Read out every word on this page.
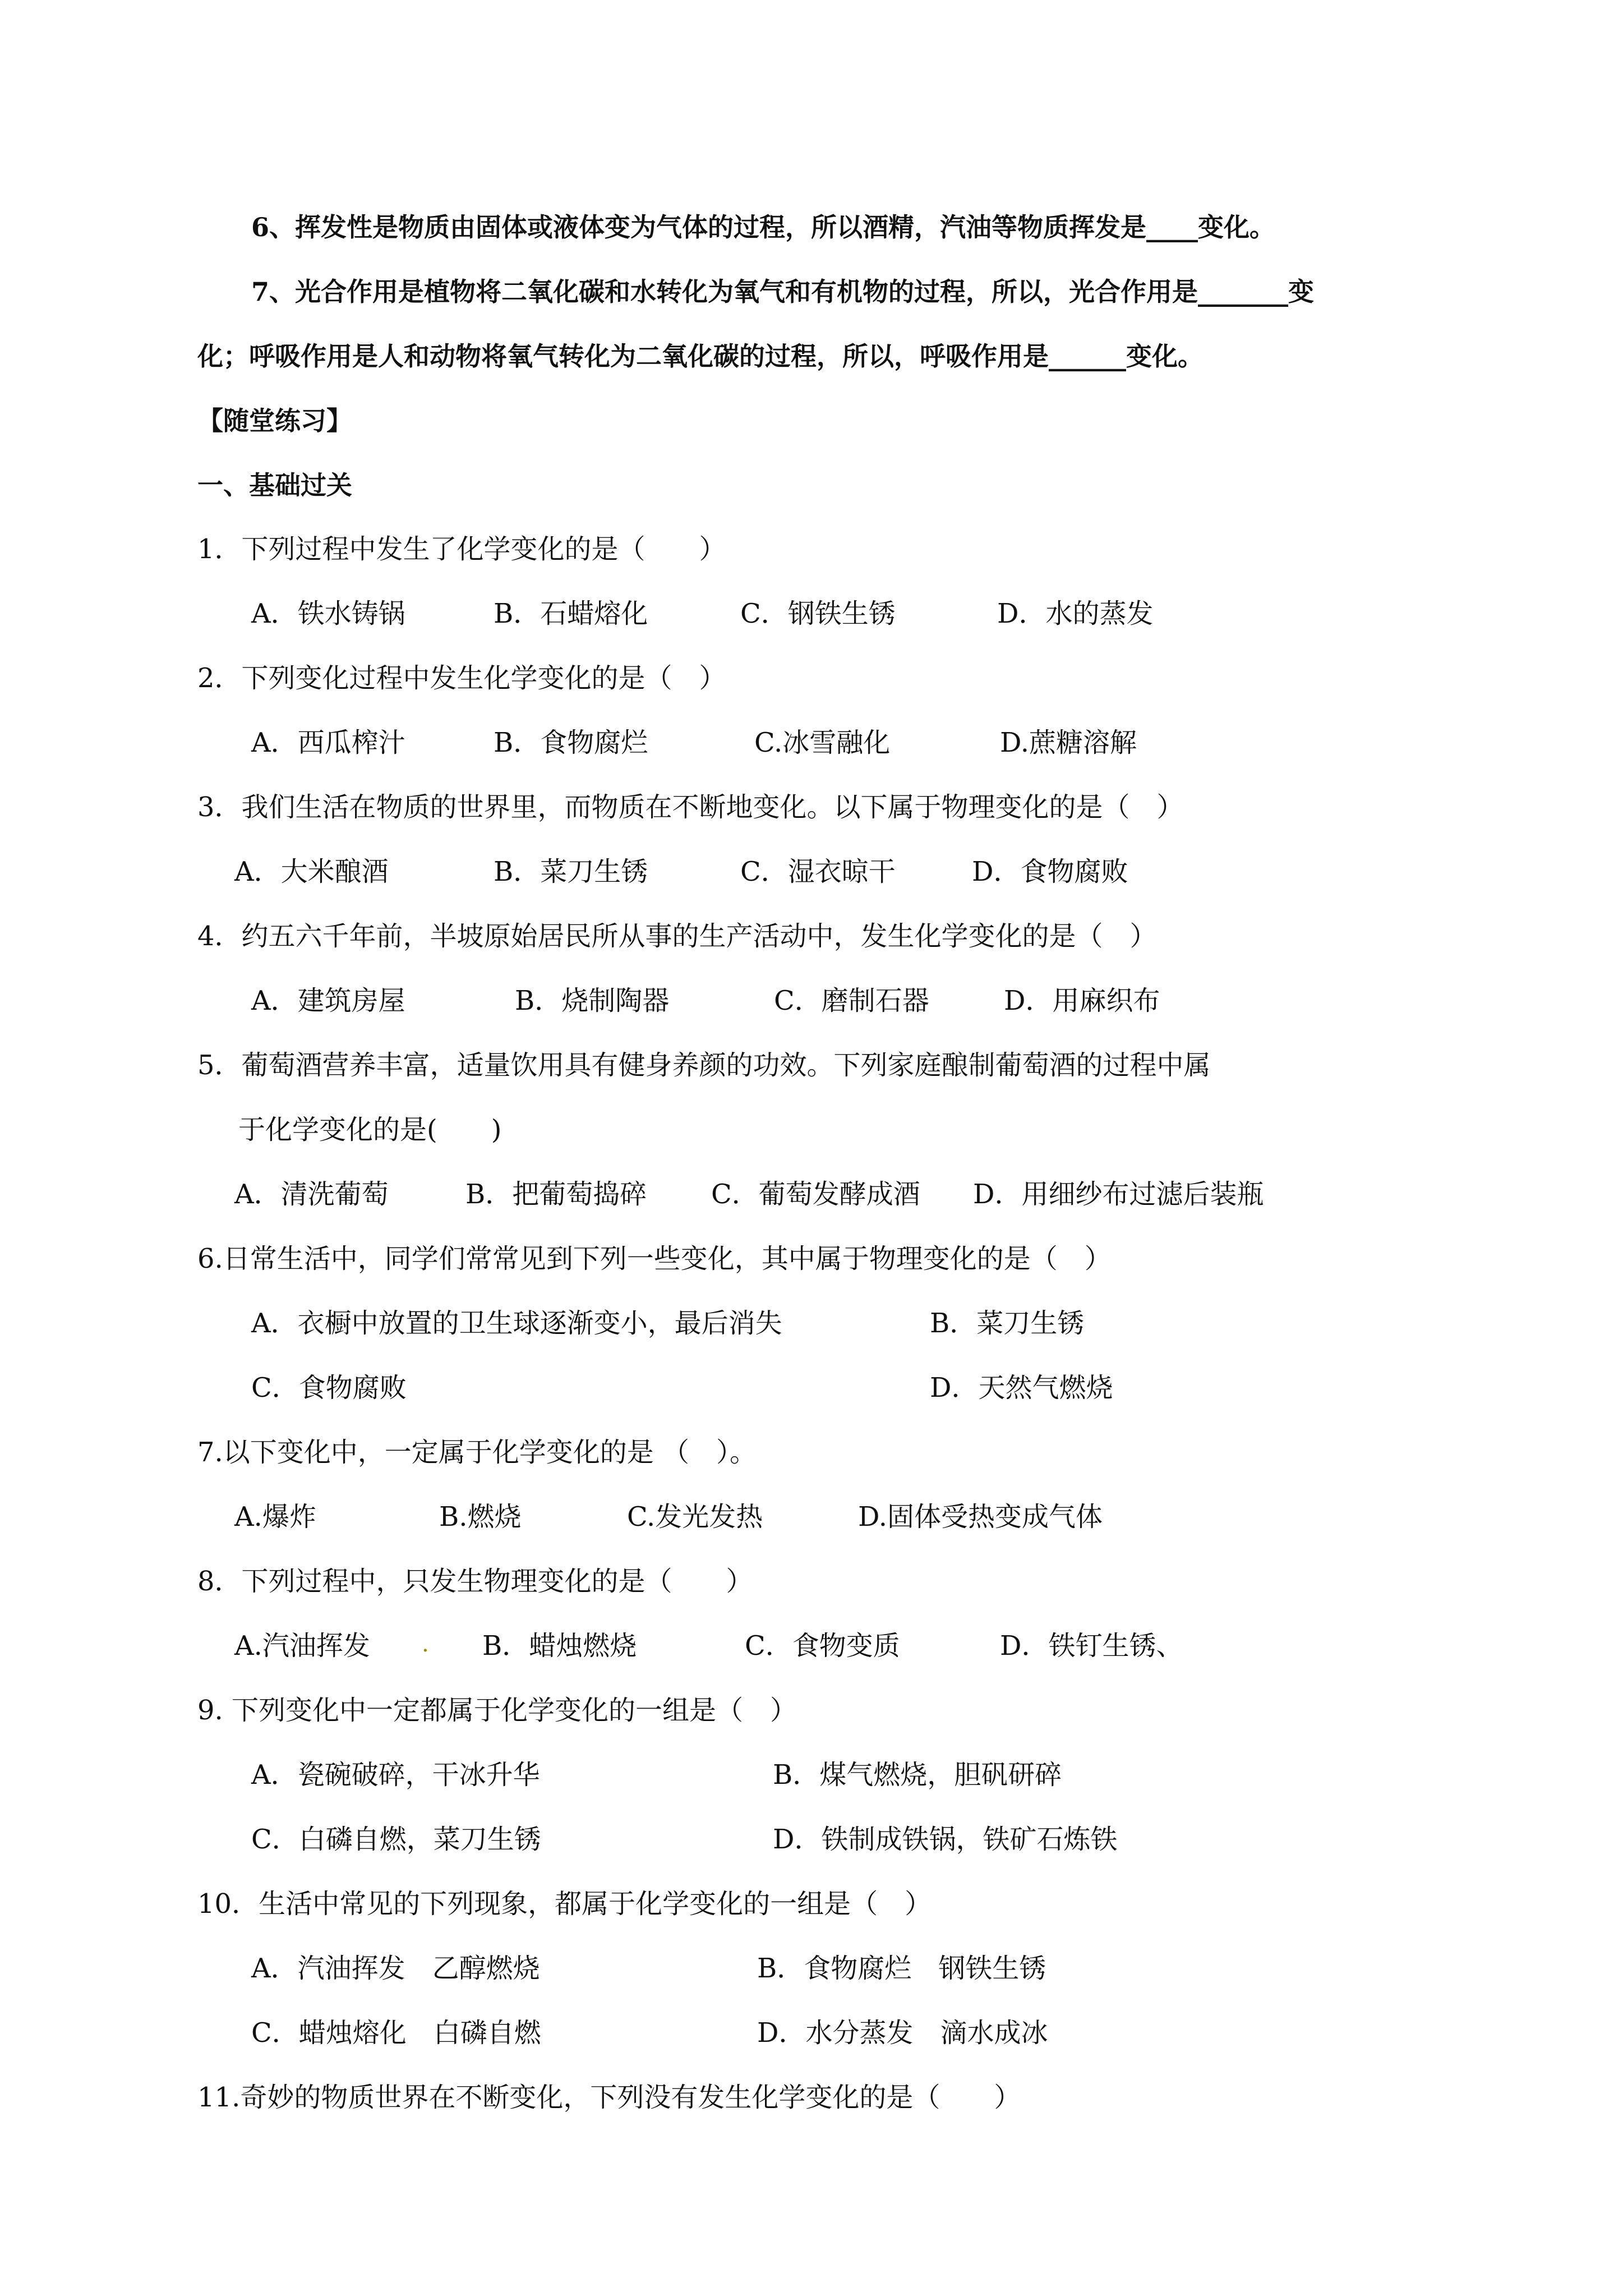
6、挥发性是物质由固体或液体变为气体的过程，所以酒精，汽油等物质挥发是____变化。

7、光合作用是植物将二氧化碳和水转化为氧气和有机物的过程，所以，光合作用是_______变

化；呼吸作用是人和动物将氧气转化为二氧化碳的过程，所以，呼吸作用是______变化。

【随堂练习】

一、基础过关

1．下列过程中发生了化学变化的是（　　）

A．铁水铸锅	B．石蜡熔化	C．钢铁生锈	D．水的蒸发

2．下列变化过程中发生化学变化的是（　）

A．西瓜榨汁	B．食物腐烂	C.冰雪融化	D.蔗糖溶解

3．我们生活在物质的世界里，而物质在不断地变化。以下属于物理变化的是（　）

A．大米酿酒	B．菜刀生锈	C．湿衣晾干	D．食物腐败

4．约五六千年前，半坡原始居民所从事的生产活动中，发生化学变化的是（　）

A．建筑房屋	B．烧制陶器	C．磨制石器	D．用麻织布

5．葡萄酒营养丰富，适量饮用具有健身养颜的功效。下列家庭酿制葡萄酒的过程中属

于化学变化的是(　　)

A．清洗葡萄	B．把葡萄捣碎 C．葡萄发酵成酒 D．用细纱布过滤后装瓶

6.日常生活中，同学们常常见到下列一些变化，其中属于物理变化的是（　）

A．衣橱中放置的卫生球逐渐变小，最后消失	B．菜刀生锈
C．食物腐败	D．天然气燃烧

7.以下变化中，一定属于化学变化的是 （　）。

A.爆炸	B.燃烧	C.发光发热	D.固体受热变成气体

8．下列过程中，只发生物理变化的是（　　）

A.汽油挥发 . B．蜡烛燃烧	C．食物变质	D．铁钉生锈、

9. 下列变化中一定都属于化学变化的一组是（　）

A．瓷碗破碎，干冰升华	B．煤气燃烧，胆矾研碎
C．白磷自燃，菜刀生锈	D．铁制成铁锅，铁矿石炼铁

10．生活中常见的下列现象，都属于化学变化的一组是（　）

A．汽油挥发　乙醇燃烧	B．食物腐烂　钢铁生锈
C．蜡烛熔化　白磷自燃	D．水分蒸发　滴水成冰

11.奇妙的物质世界在不断变化，下列没有发生化学变化的是（　　）
